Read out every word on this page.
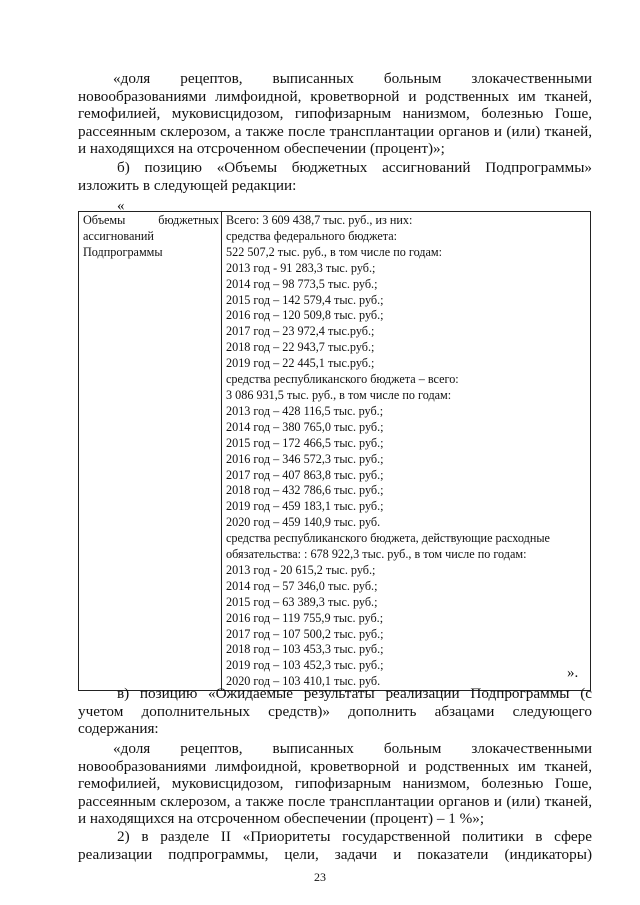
«доля рецептов, выписанных больным злокачественными новообразованиями лимфоидной, кроветворной и родственных им тканей, гемофилией, муковисцидозом, гипофизарным нанизмом, болезнью Гоше, рассеянным склерозом, а также после трансплантации органов и (или) тканей, и находящихся на отсроченном обеспечении (процент)»;

б) позицию «Объемы бюджетных ассигнований Подпрограммы» изложить в следующей редакции:

«
Объемы бюджетных
ассигнований
Подпрограммы

Всего: 3 609 438,7 тыс. руб., из них:
средства федерального бюджета:
522 507,2 тыс. руб., в том числе по годам:
2013 год - 91 283,3 тыс. руб.;
2014 год – 98 773,5 тыс. руб.;
2015 год – 142 579,4 тыс. руб.;
2016 год – 120 509,8 тыс. руб.;
2017 год – 23 972,4 тыс.руб.;
2018 год – 22 943,7 тыс.руб.;
2019 год – 22 445,1 тыс.руб.;
средства республиканского бюджета – всего:
3 086 931,5 тыс. руб., в том числе по годам:
2013 год – 428 116,5 тыс. руб.;
2014 год – 380 765,0 тыс. руб.;
2015 год – 172 466,5 тыс. руб.;
2016 год – 346 572,3 тыс. руб.;
2017 год – 407 863,8 тыс. руб.;
2018 год – 432 786,6 тыс. руб.;
2019 год – 459 183,1 тыс. руб.;
2020 год – 459 140,9 тыс. руб.
средства республиканского бюджета, действующие расходные
обязательства: : 678 922,3 тыс. руб., в том числе по годам:
2013 год - 20 615,2 тыс. руб.;
2014 год – 57 346,0 тыс. руб.;
2015 год – 63 389,3 тыс. руб.;
2016 год – 119 755,9 тыс. руб.;
2017 год – 107 500,2 тыс. руб.;
2018 год – 103 453,3 тыс. руб.;
2019 год – 103 452,3 тыс. руб.;
2020 год – 103 410,1 тыс. руб.
».

в) позицию «Ожидаемые результаты реализации Подпрограммы (с учетом дополнительных средств)» дополнить абзацами следующего содержания:

«доля рецептов, выписанных больным злокачественными новообразованиями лимфоидной, кроветворной и родственных им тканей, гемофилией, муковисцидозом, гипофизарным нанизмом, болезнью Гоше, рассеянным склерозом, а также после трансплантации органов и (или) тканей, и находящихся на отсроченном обеспечении (процент) – 1 %»;

2) в разделе II «Приоритеты государственной политики в сфере реализации подпрограммы, цели, задачи и показатели (индикаторы)

23
